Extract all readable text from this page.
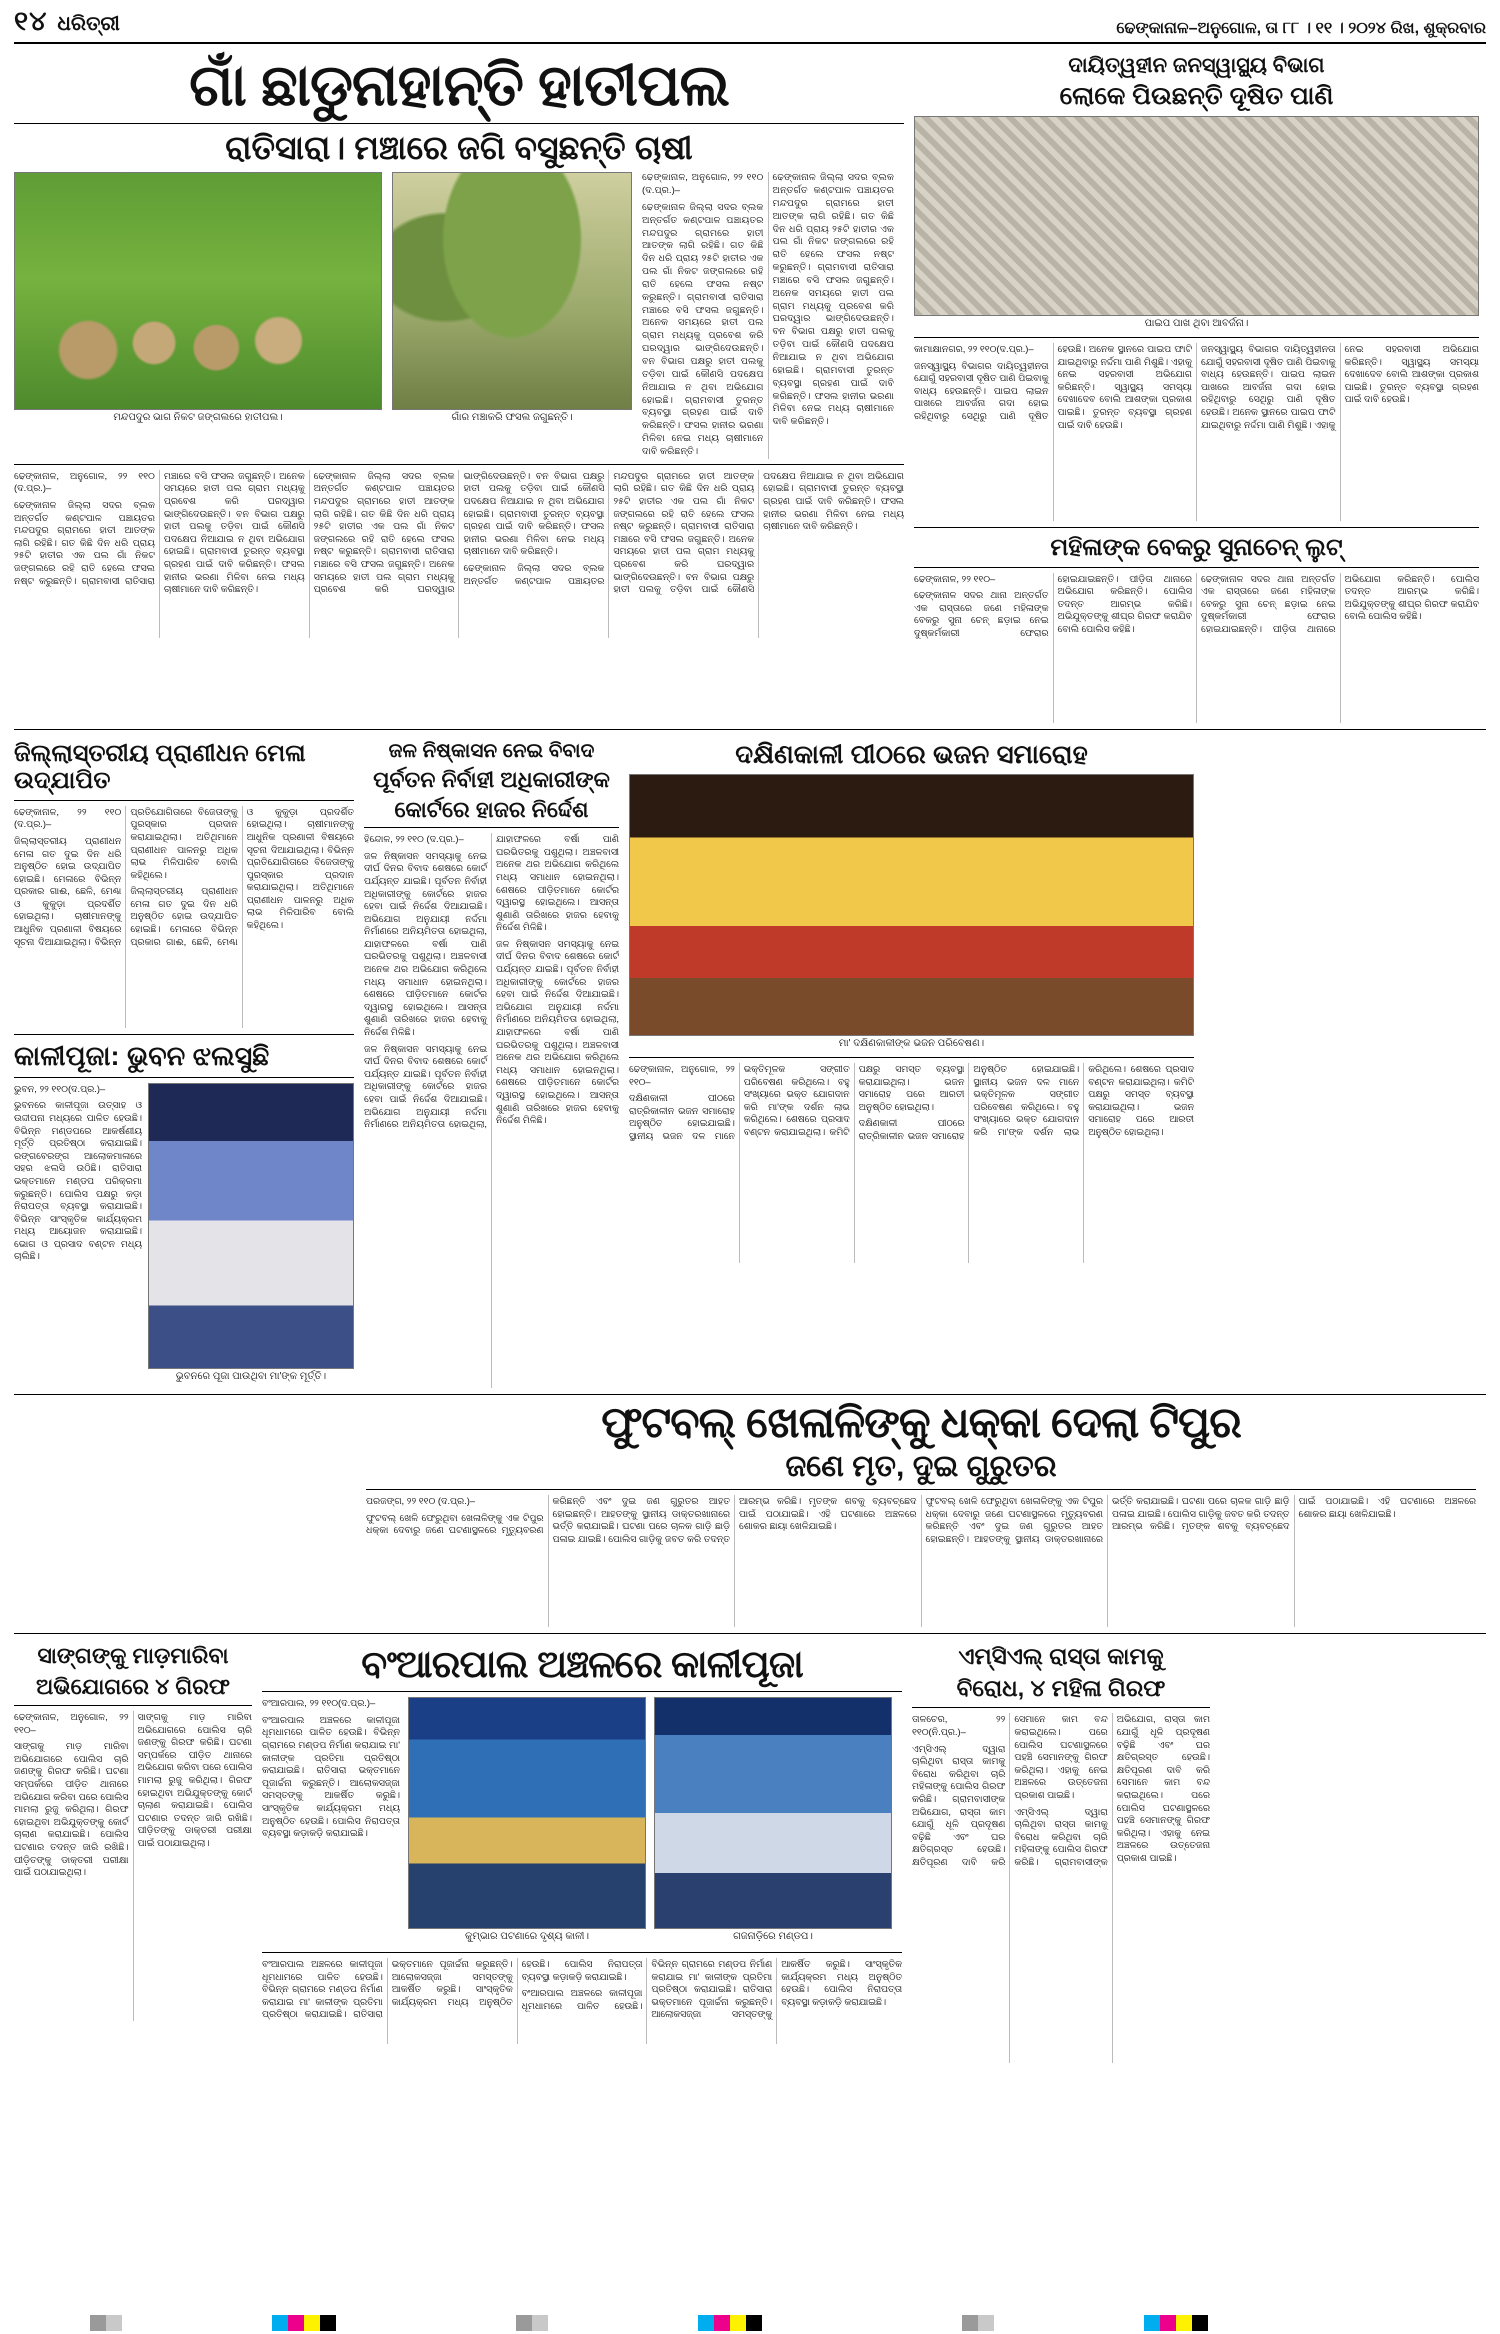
୧୪ ଧରିତ୍ରୀ	ଢେଙ୍କାନାଳ–ଅନୁଗୋଳ, ତା ୮୮ । ୧୧ । ୨୦୨୪ ରିଖ, ଶୁକ୍ରବାର
ଗାଁ ଛାଡୁନାହାନ୍ତି ହାତୀପଲ
ରାତିସାରା। ମଞ୍ଚାରେ ଜଗି ବସୁଛନ୍ତି ଚାଷୀ
ମନ୍ଦପଦୁର ଭାଗ ନିକଟ ଜଙ୍ଗଲରେ ହାତୀପଲ।	ଗାଁର ମଞ୍ଚାକରି ଫସଲ ଜଗୁଛନ୍ତି।

ଢେଙ୍କାନାଳ, ଅନୁଗୋଳ, ୨୨ ୧୧୦ (ଦ.ପ୍ର.)–

ଢେଙ୍କାନାଳ ଜିଲ୍ଲା ସଦର ବ୍ଲକ ଅନ୍ତର୍ଗତ କଣ୍ଟପାଳ ପଞ୍ଚାୟତର ମନ୍ଦପଦୁର ଗ୍ରାମରେ ହାତୀ ଆତଙ୍କ ଲାଗି ରହିଛି। ଗତ କିଛି ଦିନ ଧରି ପ୍ରାୟ ୨୫ଟି ହାତୀର ଏକ ପଲ ଗାଁ ନିକଟ ଜଙ୍ଗଲରେ ରହି ରାତି ହେଲେ ଫସଲ ନଷ୍ଟ କରୁଛନ୍ତି। ଗ୍ରାମବାସୀ ରାତିସାରା ମଞ୍ଚାରେ ବସି ଫସଲ ଜଗୁଛନ୍ତି। ଅନେକ ସମୟରେ ହାତୀ ପଲ ଗ୍ରାମ ମଧ୍ୟକୁ ପ୍ରବେଶ କରି ଘରଦ୍ୱାର ଭାଙ୍ଗିଦେଉଛନ୍ତି। ବନ ବିଭାଗ ପକ୍ଷରୁ ହାତୀ ପଲକୁ ତଡ଼ିବା ପାଇଁ କୌଣସି ପଦକ୍ଷେପ ନିଆଯାଇ ନ ଥିବା ଅଭିଯୋଗ ହୋଇଛି। ଗ୍ରାମବାସୀ ତୁରନ୍ତ ବ୍ୟବସ୍ଥା ଗ୍ରହଣ ପାଇଁ ଦାବି କରିଛନ୍ତି। ଫସଲ ହାନୀର ଭରଣା ମିଳିବା ନେଇ ମଧ୍ୟ ଚାଷୀମାନେ ଦାବି କରିଛନ୍ତି।

ଢେଙ୍କାନାଳ ଜିଲ୍ଲା ସଦର ବ୍ଲକ ଅନ୍ତର୍ଗତ କଣ୍ଟପାଳ ପଞ୍ଚାୟତର ମନ୍ଦପଦୁର ଗ୍ରାମରେ ହାତୀ ଆତଙ୍କ ଲାଗି ରହିଛି। ଗତ କିଛି ଦିନ ଧରି ପ୍ରାୟ ୨୫ଟି ହାତୀର ଏକ ପଲ ଗାଁ ନିକଟ ଜଙ୍ଗଲରେ ରହି ରାତି ହେଲେ ଫସଲ ନଷ୍ଟ କରୁଛନ୍ତି। ଗ୍ରାମବାସୀ ରାତିସାରା ମଞ୍ଚାରେ ବସି ଫସଲ ଜଗୁଛନ୍ତି। ଅନେକ ସମୟରେ ହାତୀ ପଲ ଗ୍ରାମ ମଧ୍ୟକୁ ପ୍ରବେଶ କରି ଘରଦ୍ୱାର ଭାଙ୍ଗିଦେଉଛନ୍ତି। ବନ ବିଭାଗ ପକ୍ଷରୁ ହାତୀ ପଲକୁ ତଡ଼ିବା ପାଇଁ କୌଣସି ପଦକ୍ଷେପ ନିଆଯାଇ ନ ଥିବା ଅଭିଯୋଗ ହୋଇଛି। ଗ୍ରାମବାସୀ ତୁରନ୍ତ ବ୍ୟବସ୍ଥା ଗ୍ରହଣ ପାଇଁ ଦାବି କରିଛନ୍ତି। ଫସଲ ହାନୀର ଭରଣା ମିଳିବା ନେଇ ମଧ୍ୟ ଚାଷୀମାନେ ଦାବି କରିଛନ୍ତି।

ଢେଙ୍କାନାଳ, ଅନୁଗୋଳ, ୨୨ ୧୧୦ (ଦ.ପ୍ର.)–

ଢେଙ୍କାନାଳ ଜିଲ୍ଲା ସଦର ବ୍ଲକ ଅନ୍ତର୍ଗତ କଣ୍ଟପାଳ ପଞ୍ଚାୟତର ମନ୍ଦପଦୁର ଗ୍ରାମରେ ହାତୀ ଆତଙ୍କ ଲାଗି ରହିଛି। ଗତ କିଛି ଦିନ ଧରି ପ୍ରାୟ ୨୫ଟି ହାତୀର ଏକ ପଲ ଗାଁ ନିକଟ ଜଙ୍ଗଲରେ ରହି ରାତି ହେଲେ ଫସଲ ନଷ୍ଟ କରୁଛନ୍ତି। ଗ୍ରାମବାସୀ ରାତିସାରା ମଞ୍ଚାରେ ବସି ଫସଲ ଜଗୁଛନ୍ତି। ଅନେକ ସମୟରେ ହାତୀ ପଲ ଗ୍ରାମ ମଧ୍ୟକୁ ପ୍ରବେଶ କରି ଘରଦ୍ୱାର ଭାଙ୍ଗିଦେଉଛନ୍ତି। ବନ ବିଭାଗ ପକ୍ଷରୁ ହାତୀ ପଲକୁ ତଡ଼ିବା ପାଇଁ କୌଣସି ପଦକ୍ଷେପ ନିଆଯାଇ ନ ଥିବା ଅଭିଯୋଗ ହୋଇଛି। ଗ୍ରାମବାସୀ ତୁରନ୍ତ ବ୍ୟବସ୍ଥା ଗ୍ରହଣ ପାଇଁ ଦାବି କରିଛନ୍ତି। ଫସଲ ହାନୀର ଭରଣା ମିଳିବା ନେଇ ମଧ୍ୟ ଚାଷୀମାନେ ଦାବି କରିଛନ୍ତି।

ଢେଙ୍କାନାଳ ଜିଲ୍ଲା ସଦର ବ୍ଲକ ଅନ୍ତର୍ଗତ କଣ୍ଟପାଳ ପଞ୍ଚାୟତର ମନ୍ଦପଦୁର ଗ୍ରାମରେ ହାତୀ ଆତଙ୍କ ଲାଗି ରହିଛି। ଗତ କିଛି ଦିନ ଧରି ପ୍ରାୟ ୨୫ଟି ହାତୀର ଏକ ପଲ ଗାଁ ନିକଟ ଜଙ୍ଗଲରେ ରହି ରାତି ହେଲେ ଫସଲ ନଷ୍ଟ କରୁଛନ୍ତି। ଗ୍ରାମବାସୀ ରାତିସାରା ମଞ୍ଚାରେ ବସି ଫସଲ ଜଗୁଛନ୍ତି। ଅନେକ ସମୟରେ ହାତୀ ପଲ ଗ୍ରାମ ମଧ୍ୟକୁ ପ୍ରବେଶ କରି ଘରଦ୍ୱାର ଭାଙ୍ଗିଦେଉଛନ୍ତି। ବନ ବିଭାଗ ପକ୍ଷରୁ ହାତୀ ପଲକୁ ତଡ଼ିବା ପାଇଁ କୌଣସି ପଦକ୍ଷେପ ନିଆଯାଇ ନ ଥିବା ଅଭିଯୋଗ ହୋଇଛି। ଗ୍ରାମବାସୀ ତୁରନ୍ତ ବ୍ୟବସ୍ଥା ଗ୍ରହଣ ପାଇଁ ଦାବି କରିଛନ୍ତି। ଫସଲ ହାନୀର ଭରଣା ମିଳିବା ନେଇ ମଧ୍ୟ ଚାଷୀମାନେ ଦାବି କରିଛନ୍ତି।

ଢେଙ୍କାନାଳ ଜିଲ୍ଲା ସଦର ବ୍ଲକ ଅନ୍ତର୍ଗତ କଣ୍ଟପାଳ ପଞ୍ଚାୟତର ମନ୍ଦପଦୁର ଗ୍ରାମରେ ହାତୀ ଆତଙ୍କ ଲାଗି ରହିଛି। ଗତ କିଛି ଦିନ ଧରି ପ୍ରାୟ ୨୫ଟି ହାତୀର ଏକ ପଲ ଗାଁ ନିକଟ ଜଙ୍ଗଲରେ ରହି ରାତି ହେଲେ ଫସଲ ନଷ୍ଟ କରୁଛନ୍ତି। ଗ୍ରାମବାସୀ ରାତିସାରା ମଞ୍ଚାରେ ବସି ଫସଲ ଜଗୁଛନ୍ତି। ଅନେକ ସମୟରେ ହାତୀ ପଲ ଗ୍ରାମ ମଧ୍ୟକୁ ପ୍ରବେଶ କରି ଘରଦ୍ୱାର ଭାଙ୍ଗିଦେଉଛନ୍ତି। ବନ ବିଭାଗ ପକ୍ଷରୁ ହାତୀ ପଲକୁ ତଡ଼ିବା ପାଇଁ କୌଣସି ପଦକ୍ଷେପ ନିଆଯାଇ ନ ଥିବା ଅଭିଯୋଗ ହୋଇଛି। ଗ୍ରାମବାସୀ ତୁରନ୍ତ ବ୍ୟବସ୍ଥା ଗ୍ରହଣ ପାଇଁ ଦାବି କରିଛନ୍ତି। ଫସଲ ହାନୀର ଭରଣା ମିଳିବା ନେଇ ମଧ୍ୟ ଚାଷୀମାନେ ଦାବି କରିଛନ୍ତି।

ଦାୟିତ୍ୱହୀନ ଜନସ୍ୱାସ୍ଥ୍ୟ ବିଭାଗ
ଲୋକେ ପିଉଛନ୍ତି ଦୂଷିତ ପାଣି
ପାଇପ ପାଖ ଥିବା ଆବର୍ଜନା।

କାମାକ୍ଷାନଗର, ୨୨ ୧୧୦(ଦ.ପ୍ର.)–

ଜନସ୍ୱାସ୍ଥ୍ୟ ବିଭାଗର ଦାୟିତ୍ୱହୀନତା ଯୋଗୁଁ ସହରବାସୀ ଦୂଷିତ ପାଣି ପିଇବାକୁ ବାଧ୍ୟ ହେଉଛନ୍ତି। ପାଇପ ଲାଇନ ପାଖରେ ଆବର୍ଜନା ଗଦା ହୋଇ ରହିଥିବାରୁ ସେଥିରୁ ପାଣି ଦୂଷିତ ହେଉଛି। ଅନେକ ସ୍ଥାନରେ ପାଇପ ଫାଟି ଯାଇଥିବାରୁ ନର୍ଦ୍ଦମା ପାଣି ମିଶୁଛି। ଏହାକୁ ନେଇ ସହରବାସୀ ଅଭିଯୋଗ କରିଛନ୍ତି। ସ୍ୱାସ୍ଥ୍ୟ ସମସ୍ୟା ଦେଖାଦେବ ବୋଲି ଆଶଙ୍କା ପ୍ରକାଶ ପାଇଛି। ତୁରନ୍ତ ବ୍ୟବସ୍ଥା ଗ୍ରହଣ ପାଇଁ ଦାବି ହେଉଛି।

ଜନସ୍ୱାସ୍ଥ୍ୟ ବିଭାଗର ଦାୟିତ୍ୱହୀନତା ଯୋଗୁଁ ସହରବାସୀ ଦୂଷିତ ପାଣି ପିଇବାକୁ ବାଧ୍ୟ ହେଉଛନ୍ତି। ପାଇପ ଲାଇନ ପାଖରେ ଆବର୍ଜନା ଗଦା ହୋଇ ରହିଥିବାରୁ ସେଥିରୁ ପାଣି ଦୂଷିତ ହେଉଛି। ଅନେକ ସ୍ଥାନରେ ପାଇପ ଫାଟି ଯାଇଥିବାରୁ ନର୍ଦ୍ଦମା ପାଣି ମିଶୁଛି। ଏହାକୁ ନେଇ ସହରବାସୀ ଅଭିଯୋଗ କରିଛନ୍ତି। ସ୍ୱାସ୍ଥ୍ୟ ସମସ୍ୟା ଦେଖାଦେବ ବୋଲି ଆଶଙ୍କା ପ୍ରକାଶ ପାଇଛି। ତୁରନ୍ତ ବ୍ୟବସ୍ଥା ଗ୍ରହଣ ପାଇଁ ଦାବି ହେଉଛି।

ମହିଳାଙ୍କ ବେକରୁ ସୁନାଚେନ୍ ଲୁଟ୍

ଢେଙ୍କାନାଳ, ୨୨ ୧୧୦–

ଢେଙ୍କାନାଳ ସଦର ଥାନା ଅନ୍ତର୍ଗତ ଏକ ରାସ୍ତାରେ ଜଣେ ମହିଳାଙ୍କ ବେକରୁ ସୁନା ଚେନ୍ ଛଡ଼ାଇ ନେଇ ଦୁଷ୍କର୍ମକାରୀ ଫେରାର ହୋଇଯାଇଛନ୍ତି। ପୀଡ଼ିତା ଥାନାରେ ଅଭିଯୋଗ କରିଛନ୍ତି। ପୋଲିସ ତଦନ୍ତ ଆରମ୍ଭ କରିଛି। ଅଭିଯୁକ୍ତଙ୍କୁ ଶୀଘ୍ର ଗିରଫ କରାଯିବ ବୋଲି ପୋଲିସ କହିଛି।

ଢେଙ୍କାନାଳ ସଦର ଥାନା ଅନ୍ତର୍ଗତ ଏକ ରାସ୍ତାରେ ଜଣେ ମହିଳାଙ୍କ ବେକରୁ ସୁନା ଚେନ୍ ଛଡ଼ାଇ ନେଇ ଦୁଷ୍କର୍ମକାରୀ ଫେରାର ହୋଇଯାଇଛନ୍ତି। ପୀଡ଼ିତା ଥାନାରେ ଅଭିଯୋଗ କରିଛନ୍ତି। ପୋଲିସ ତଦନ୍ତ ଆରମ୍ଭ କରିଛି। ଅଭିଯୁକ୍ତଙ୍କୁ ଶୀଘ୍ର ଗିରଫ କରାଯିବ ବୋଲି ପୋଲିସ କହିଛି।

ଜିଲ୍ଲାସ୍ତରୀୟ ପ୍ରାଣୀଧନ ମେଳା ଉଦ୍ଯାପିତ

ଢେଙ୍କାନାଳ, ୨୨ ୧୧୦ (ଦ.ପ୍ର.)–

ଜିଲ୍ଲାସ୍ତରୀୟ ପ୍ରାଣୀଧନ ମେଳା ଗତ ଦୁଇ ଦିନ ଧରି ଅନୁଷ୍ଠିତ ହୋଇ ଉଦ୍ଯାପିତ ହୋଇଛି। ମେଳାରେ ବିଭିନ୍ନ ପ୍ରକାର ଗାଈ, ଛେଳି, ମେଣ୍ଢା ଓ କୁକୁଡ଼ା ପ୍ରଦର୍ଶିତ ହୋଇଥିଲା। ଚାଷୀମାନଙ୍କୁ ଆଧୁନିକ ପ୍ରଣାଳୀ ବିଷୟରେ ସୂଚନା ଦିଆଯାଇଥିଲା। ବିଭିନ୍ନ ପ୍ରତିଯୋଗିତାରେ ବିଜେତାଙ୍କୁ ପୁରସ୍କାର ପ୍ରଦାନ କରାଯାଇଥିଲା। ଅତିଥିମାନେ ପ୍ରାଣୀଧନ ପାଳନରୁ ଅଧିକ ଲାଭ ମିଳିପାରିବ ବୋଲି କହିଥିଲେ।

ଜିଲ୍ଲାସ୍ତରୀୟ ପ୍ରାଣୀଧନ ମେଳା ଗତ ଦୁଇ ଦିନ ଧରି ଅନୁଷ୍ଠିତ ହୋଇ ଉଦ୍ଯାପିତ ହୋଇଛି। ମେଳାରେ ବିଭିନ୍ନ ପ୍ରକାର ଗାଈ, ଛେଳି, ମେଣ୍ଢା ଓ କୁକୁଡ଼ା ପ୍ରଦର୍ଶିତ ହୋଇଥିଲା। ଚାଷୀମାନଙ୍କୁ ଆଧୁନିକ ପ୍ରଣାଳୀ ବିଷୟରେ ସୂଚନା ଦିଆଯାଇଥିଲା। ବିଭିନ୍ନ ପ୍ରତିଯୋଗିତାରେ ବିଜେତାଙ୍କୁ ପୁରସ୍କାର ପ୍ରଦାନ କରାଯାଇଥିଲା। ଅତିଥିମାନେ ପ୍ରାଣୀଧନ ପାଳନରୁ ଅଧିକ ଲାଭ ମିଳିପାରିବ ବୋଲି କହିଥିଲେ।

କାଳୀପୂଜା: ଭୁବନ ଝଲସୁଛି

ଭୁବନ, ୨୨ ୧୧୦(ଦ.ପ୍ର.)–

ଭୁବନରେ କାଳୀପୂଜା ଉତ୍ସାହ ଓ ଉଦ୍ଦୀପନା ମଧ୍ୟରେ ପାଳିତ ହେଉଛି। ବିଭିନ୍ନ ମଣ୍ଡପରେ ଆକର୍ଷଣୀୟ ମୂର୍ତ୍ତି ପ୍ରତିଷ୍ଠା କରାଯାଇଛି। ରଙ୍ଗବେରଙ୍ଗ ଆଲୋକମାଳାରେ ସହର ଝଲସି ଉଠିଛି। ରାତିସାରା ଭକ୍ତମାନେ ମଣ୍ଡପ ପରିକ୍ରମା କରୁଛନ୍ତି। ପୋଲିସ ପକ୍ଷରୁ କଡ଼ା ନିରାପତ୍ତା ବ୍ୟବସ୍ଥା କରାଯାଇଛି। ବିଭିନ୍ନ ସାଂସ୍କୃତିକ କାର୍ଯ୍ୟକ୍ରମ ମଧ୍ୟ ଆୟୋଜନ କରାଯାଇଛି। ଭୋଗ ଓ ପ୍ରସାଦ ବଣ୍ଟନ ମଧ୍ୟ ଚାଲିଛି।

ଭୁବନରେ ପୂଜା ପାଉଥିବା ମା'ଙ୍କ ମୂର୍ତ୍ତି।
ଜଳ ନିଷ୍କାସନ ନେଇ ବିବାଦ
ପୂର୍ବତନ ନିର୍ବାହୀ ଅଧିକାରୀଙ୍କ
କୋର୍ଟରେ ହାଜର ନିର୍ଦ୍ଦେଶ

ହିନ୍ଦୋଳ, ୨୨ ୧୧୦ (ଦ.ପ୍ର.)–

ଜଳ ନିଷ୍କାସନ ସମସ୍ୟାକୁ ନେଇ ଦୀର୍ଘ ଦିନର ବିବାଦ ଶେଷରେ କୋର୍ଟ ପର୍ଯ୍ୟନ୍ତ ଯାଇଛି। ପୂର୍ବତନ ନିର୍ବାହୀ ଅଧିକାରୀଙ୍କୁ କୋର୍ଟରେ ହାଜର ହେବା ପାଇଁ ନିର୍ଦ୍ଦେଶ ଦିଆଯାଇଛି। ଅଭିଯୋଗ ଅନୁଯାୟୀ ନର୍ଦ୍ଦମା ନିର୍ମାଣରେ ଅନିୟମିତତା ହୋଇଥିଲା, ଯାହାଫଳରେ ବର୍ଷା ପାଣି ଘରଭିତରକୁ ପଶୁଥିଲା। ଅଞ୍ଚଳବାସୀ ଅନେକ ଥର ଅଭିଯୋଗ କରିଥିଲେ ମଧ୍ୟ ସମାଧାନ ହୋଇନଥିଲା। ଶେଷରେ ପୀଡ଼ିତମାନେ କୋର୍ଟର ଦ୍ୱାରସ୍ଥ ହୋଇଥିଲେ। ଆସନ୍ତା ଶୁଣାଣି ତାରିଖରେ ହାଜର ହେବାକୁ ନିର୍ଦ୍ଦେଶ ମିଳିଛି।

ଜଳ ନିଷ୍କାସନ ସମସ୍ୟାକୁ ନେଇ ଦୀର୍ଘ ଦିନର ବିବାଦ ଶେଷରେ କୋର୍ଟ ପର୍ଯ୍ୟନ୍ତ ଯାଇଛି। ପୂର୍ବତନ ନିର୍ବାହୀ ଅଧିକାରୀଙ୍କୁ କୋର୍ଟରେ ହାଜର ହେବା ପାଇଁ ନିର୍ଦ୍ଦେଶ ଦିଆଯାଇଛି। ଅଭିଯୋଗ ଅନୁଯାୟୀ ନର୍ଦ୍ଦମା ନିର୍ମାଣରେ ଅନିୟମିତତା ହୋଇଥିଲା, ଯାହାଫଳରେ ବର୍ଷା ପାଣି ଘରଭିତରକୁ ପଶୁଥିଲା। ଅଞ୍ଚଳବାସୀ ଅନେକ ଥର ଅଭିଯୋଗ କରିଥିଲେ ମଧ୍ୟ ସମାଧାନ ହୋଇନଥିଲା। ଶେଷରେ ପୀଡ଼ିତମାନେ କୋର୍ଟର ଦ୍ୱାରସ୍ଥ ହୋଇଥିଲେ। ଆସନ୍ତା ଶୁଣାଣି ତାରିଖରେ ହାଜର ହେବାକୁ ନିର୍ଦ୍ଦେଶ ମିଳିଛି।

ଜଳ ନିଷ୍କାସନ ସମସ୍ୟାକୁ ନେଇ ଦୀର୍ଘ ଦିନର ବିବାଦ ଶେଷରେ କୋର୍ଟ ପର୍ଯ୍ୟନ୍ତ ଯାଇଛି। ପୂର୍ବତନ ନିର୍ବାହୀ ଅଧିକାରୀଙ୍କୁ କୋର୍ଟରେ ହାଜର ହେବା ପାଇଁ ନିର୍ଦ୍ଦେଶ ଦିଆଯାଇଛି। ଅଭିଯୋଗ ଅନୁଯାୟୀ ନର୍ଦ୍ଦମା ନିର୍ମାଣରେ ଅନିୟମିତତା ହୋଇଥିଲା, ଯାହାଫଳରେ ବର୍ଷା ପାଣି ଘରଭିତରକୁ ପଶୁଥିଲା। ଅଞ୍ଚଳବାସୀ ଅନେକ ଥର ଅଭିଯୋଗ କରିଥିଲେ ମଧ୍ୟ ସମାଧାନ ହୋଇନଥିଲା। ଶେଷରେ ପୀଡ଼ିତମାନେ କୋର୍ଟର ଦ୍ୱାରସ୍ଥ ହୋଇଥିଲେ। ଆସନ୍ତା ଶୁଣାଣି ତାରିଖରେ ହାଜର ହେବାକୁ ନିର୍ଦ୍ଦେଶ ମିଳିଛି।

ଦକ୍ଷିଣକାଳୀ ପୀଠରେ ଭଜନ ସମାରୋହ
ମା' ଦକ୍ଷିଣକାଳୀଙ୍କ ଭଜନ ପରିବେଷଣ।

ଢେଙ୍କାନାଳ, ଅନୁଗୋଳ, ୨୨ ୧୧୦–

ଦକ୍ଷିଣକାଳୀ ପୀଠରେ ରାତ୍ରିକାଳୀନ ଭଜନ ସମାରୋହ ଅନୁଷ୍ଠିତ ହୋଇଯାଇଛି। ସ୍ଥାନୀୟ ଭଜନ ଦଳ ମାନେ ଭକ୍ତିମୂଳକ ସଙ୍ଗୀତ ପରିବେଷଣ କରିଥିଲେ। ବହୁ ସଂଖ୍ୟାରେ ଭକ୍ତ ଯୋଗଦାନ କରି ମା'ଙ୍କ ଦର୍ଶନ ଲାଭ କରିଥିଲେ। ଶେଷରେ ପ୍ରସାଦ ବଣ୍ଟନ କରାଯାଇଥିଲା। କମିଟି ପକ୍ଷରୁ ସମସ୍ତ ବ୍ୟବସ୍ଥା କରାଯାଇଥିଲା। ଭଜନ ସମାରୋହ ପରେ ଆରତୀ ଅନୁଷ୍ଠିତ ହୋଇଥିଲା।

ଦକ୍ଷିଣକାଳୀ ପୀଠରେ ରାତ୍ରିକାଳୀନ ଭଜନ ସମାରୋହ ଅନୁଷ୍ଠିତ ହୋଇଯାଇଛି। ସ୍ଥାନୀୟ ଭଜନ ଦଳ ମାନେ ଭକ୍ତିମୂଳକ ସଙ୍ଗୀତ ପରିବେଷଣ କରିଥିଲେ। ବହୁ ସଂଖ୍ୟାରେ ଭକ୍ତ ଯୋଗଦାନ କରି ମା'ଙ୍କ ଦର୍ଶନ ଲାଭ କରିଥିଲେ। ଶେଷରେ ପ୍ରସାଦ ବଣ୍ଟନ କରାଯାଇଥିଲା। କମିଟି ପକ୍ଷରୁ ସମସ୍ତ ବ୍ୟବସ୍ଥା କରାଯାଇଥିଲା। ଭଜନ ସମାରୋହ ପରେ ଆରତୀ ଅନୁଷ୍ଠିତ ହୋଇଥିଲା।

ଫୁଟବଲ୍ ଖେଳାଳିଙ୍କୁ ଧକ୍କା ଦେଲା ଟିପୁର
ଜଣେ ମୃତ, ଦୁଇ ଗୁରୁତର

ପରଜଙ୍ଗ, ୨୨ ୧୧୦ (ଦ.ପ୍ର.)–

ଫୁଟବଲ୍ ଖେଳି ଫେରୁଥିବା ଖେଳାଳିଙ୍କୁ ଏକ ଟିପୁର ଧକ୍କା ଦେବାରୁ ଜଣେ ଘଟଣାସ୍ଥଳରେ ମୃତ୍ୟୁବରଣ କରିଛନ୍ତି ଏବଂ ଦୁଇ ଜଣ ଗୁରୁତର ଆହତ ହୋଇଛନ୍ତି। ଆହତଙ୍କୁ ସ୍ଥାନୀୟ ଡାକ୍ତରଖାନାରେ ଭର୍ତ୍ତି କରାଯାଇଛି। ଘଟଣା ପରେ ଚାଳକ ଗାଡ଼ି ଛାଡ଼ି ପଳାଇ ଯାଇଛି। ପୋଲିସ ଗାଡ଼ିକୁ ଜବତ କରି ତଦନ୍ତ ଆରମ୍ଭ କରିଛି। ମୃତଙ୍କ ଶବକୁ ବ୍ୟବଚ୍ଛେଦ ପାଇଁ ପଠାଯାଇଛି। ଏହି ଘଟଣାରେ ଅଞ୍ଚଳରେ ଶୋକର ଛାୟା ଖେଳିଯାଇଛି।

ଫୁଟବଲ୍ ଖେଳି ଫେରୁଥିବା ଖେଳାଳିଙ୍କୁ ଏକ ଟିପୁର ଧକ୍କା ଦେବାରୁ ଜଣେ ଘଟଣାସ୍ଥଳରେ ମୃତ୍ୟୁବରଣ କରିଛନ୍ତି ଏବଂ ଦୁଇ ଜଣ ଗୁରୁତର ଆହତ ହୋଇଛନ୍ତି। ଆହତଙ୍କୁ ସ୍ଥାନୀୟ ଡାକ୍ତରଖାନାରେ ଭର୍ତ୍ତି କରାଯାଇଛି। ଘଟଣା ପରେ ଚାଳକ ଗାଡ଼ି ଛାଡ଼ି ପଳାଇ ଯାଇଛି। ପୋଲିସ ଗାଡ଼ିକୁ ଜବତ କରି ତଦନ୍ତ ଆରମ୍ଭ କରିଛି। ମୃତଙ୍କ ଶବକୁ ବ୍ୟବଚ୍ଛେଦ ପାଇଁ ପଠାଯାଇଛି। ଏହି ଘଟଣାରେ ଅଞ୍ଚଳରେ ଶୋକର ଛାୟା ଖେଳିଯାଇଛି।

ସାଙ୍ଗଙ୍କୁ ମାଡ଼ମାରିବା
ଅଭିଯୋଗରେ ୪ ଗିରଫ

ଢେଙ୍କାନାଳ, ଅନୁଗୋଳ, ୨୨ ୧୧୦–

ସାଙ୍ଗକୁ ମାଡ଼ ମାରିବା ଅଭିଯୋଗରେ ପୋଲିସ ଚାରି ଜଣଙ୍କୁ ଗିରଫ କରିଛି। ଘଟଣା ସମ୍ପର୍କରେ ପୀଡ଼ିତ ଥାନାରେ ଅଭିଯୋଗ କରିବା ପରେ ପୋଲିସ ମାମଲା ରୁଜୁ କରିଥିଲା। ଗିରଫ ହୋଇଥିବା ଅଭିଯୁକ୍ତଙ୍କୁ କୋର୍ଟ ଚାଲାଣ କରାଯାଇଛି। ପୋଲିସ ଘଟଣାର ତଦନ୍ତ ଜାରି ରଖିଛି। ପୀଡ଼ିତଙ୍କୁ ଡାକ୍ତରୀ ପରୀକ୍ଷା ପାଇଁ ପଠାଯାଇଥିଲା।

ସାଙ୍ଗକୁ ମାଡ଼ ମାରିବା ଅଭିଯୋଗରେ ପୋଲିସ ଚାରି ଜଣଙ୍କୁ ଗିରଫ କରିଛି। ଘଟଣା ସମ୍ପର୍କରେ ପୀଡ଼ିତ ଥାନାରେ ଅଭିଯୋଗ କରିବା ପରେ ପୋଲିସ ମାମଲା ରୁଜୁ କରିଥିଲା। ଗିରଫ ହୋଇଥିବା ଅଭିଯୁକ୍ତଙ୍କୁ କୋର୍ଟ ଚାଲାଣ କରାଯାଇଛି। ପୋଲିସ ଘଟଣାର ତଦନ୍ତ ଜାରି ରଖିଛି। ପୀଡ଼ିତଙ୍କୁ ଡାକ୍ତରୀ ପରୀକ୍ଷା ପାଇଁ ପଠାଯାଇଥିଲା।

ବଂଆରପାଲ ଅଞ୍ଚଳରେ କାଳୀପୂଜା

ବଂଆରପାଲ, ୨୨ ୧୧୦(ଦ.ପ୍ର.)–

ବଂଆରପାଲ ଅଞ୍ଚଳରେ କାଳୀପୂଜା ଧୂମଧାମରେ ପାଳିତ ହେଉଛି। ବିଭିନ୍ନ ଗ୍ରାମରେ ମଣ୍ଡପ ନିର୍ମାଣ କରାଯାଇ ମା' କାଳୀଙ୍କ ପ୍ରତିମା ପ୍ରତିଷ୍ଠା କରାଯାଇଛି। ରାତିସାରା ଭକ୍ତମାନେ ପୂଜାର୍ଚ୍ଚନା କରୁଛନ୍ତି। ଆଲୋକସଜ୍ଜା ସମସ୍ତଙ୍କୁ ଆକର୍ଷିତ କରୁଛି। ସାଂସ୍କୃତିକ କାର୍ଯ୍ୟକ୍ରମ ମଧ୍ୟ ଅନୁଷ୍ଠିତ ହେଉଛି। ପୋଲିସ ନିରାପତ୍ତା ବ୍ୟବସ୍ଥା କଡ଼ାକଡ଼ି କରାଯାଇଛି।

କୁମ୍ଭାର ପଟଣାରେ ଦୃଶ୍ୟ କାଳୀ।	ଗଜନାଡ଼ିରେ ମଣ୍ଡପ।

ବଂଆରପାଲ ଅଞ୍ଚଳରେ କାଳୀପୂଜା ଧୂମଧାମରେ ପାଳିତ ହେଉଛି। ବିଭିନ୍ନ ଗ୍ରାମରେ ମଣ୍ଡପ ନିର୍ମାଣ କରାଯାଇ ମା' କାଳୀଙ୍କ ପ୍ରତିମା ପ୍ରତିଷ୍ଠା କରାଯାଇଛି। ରାତିସାରା ଭକ୍ତମାନେ ପୂଜାର୍ଚ୍ଚନା କରୁଛନ୍ତି। ଆଲୋକସଜ୍ଜା ସମସ୍ତଙ୍କୁ ଆକର୍ଷିତ କରୁଛି। ସାଂସ୍କୃତିକ କାର୍ଯ୍ୟକ୍ରମ ମଧ୍ୟ ଅନୁଷ୍ଠିତ ହେଉଛି। ପୋଲିସ ନିରାପତ୍ତା ବ୍ୟବସ୍ଥା କଡ଼ାକଡ଼ି କରାଯାଇଛି।

ବଂଆରପାଲ ଅଞ୍ଚଳରେ କାଳୀପୂଜା ଧୂମଧାମରେ ପାଳିତ ହେଉଛି। ବିଭିନ୍ନ ଗ୍ରାମରେ ମଣ୍ଡପ ନିର୍ମାଣ କରାଯାଇ ମା' କାଳୀଙ୍କ ପ୍ରତିମା ପ୍ରତିଷ୍ଠା କରାଯାଇଛି। ରାତିସାରା ଭକ୍ତମାନେ ପୂଜାର୍ଚ୍ଚନା କରୁଛନ୍ତି। ଆଲୋକସଜ୍ଜା ସମସ୍ତଙ୍କୁ ଆକର୍ଷିତ କରୁଛି। ସାଂସ୍କୃତିକ କାର୍ଯ୍ୟକ୍ରମ ମଧ୍ୟ ଅନୁଷ୍ଠିତ ହେଉଛି। ପୋଲିସ ନିରାପତ୍ତା ବ୍ୟବସ୍ଥା କଡ଼ାକଡ଼ି କରାଯାଇଛି।

ଏମ୍‌ସିଏଲ୍ ରାସ୍ତା କାମକୁ
ବିରୋଧ, ୪ ମହିଳା ଗିରଫ

ତାଳଚେର, ୨୨ ୧୧୦(ନି.ପ୍ର.)–

ଏମ୍‌ସିଏଲ୍ ଦ୍ୱାରା ଚାଲିଥିବା ରାସ୍ତା କାମକୁ ବିରୋଧ କରିଥିବା ଚାରି ମହିଳାଙ୍କୁ ପୋଲିସ ଗିରଫ କରିଛି। ଗ୍ରାମବାସୀଙ୍କ ଅଭିଯୋଗ, ରାସ୍ତା କାମ ଯୋଗୁଁ ଧୂଳି ପ୍ରଦୂଷଣ ବଢ଼ିଛି ଏବଂ ଘର କ୍ଷତିଗ୍ରସ୍ତ ହେଉଛି। କ୍ଷତିପୂରଣ ଦାବି କରି ସେମାନେ କାମ ବନ୍ଦ କରାଇଥିଲେ। ପରେ ପୋଲିସ ଘଟଣାସ୍ଥଳରେ ପହଞ୍ଚି ସେମାନଙ୍କୁ ଗିରଫ କରିଥିଲା। ଏହାକୁ ନେଇ ଅଞ୍ଚଳରେ ଉତ୍ତେଜନା ପ୍ରକାଶ ପାଇଛି।

ଏମ୍‌ସିଏଲ୍ ଦ୍ୱାରା ଚାଲିଥିବା ରାସ୍ତା କାମକୁ ବିରୋଧ କରିଥିବା ଚାରି ମହିଳାଙ୍କୁ ପୋଲିସ ଗିରଫ କରିଛି। ଗ୍ରାମବାସୀଙ୍କ ଅଭିଯୋଗ, ରାସ୍ତା କାମ ଯୋଗୁଁ ଧୂଳି ପ୍ରଦୂଷଣ ବଢ଼ିଛି ଏବଂ ଘର କ୍ଷତିଗ୍ରସ୍ତ ହେଉଛି। କ୍ଷତିପୂରଣ ଦାବି କରି ସେମାନେ କାମ ବନ୍ଦ କରାଇଥିଲେ। ପରେ ପୋଲିସ ଘଟଣାସ୍ଥଳରେ ପହଞ୍ଚି ସେମାନଙ୍କୁ ଗିରଫ କରିଥିଲା। ଏହାକୁ ନେଇ ଅଞ୍ଚଳରେ ଉତ୍ତେଜନା ପ୍ରକାଶ ପାଇଛି।
